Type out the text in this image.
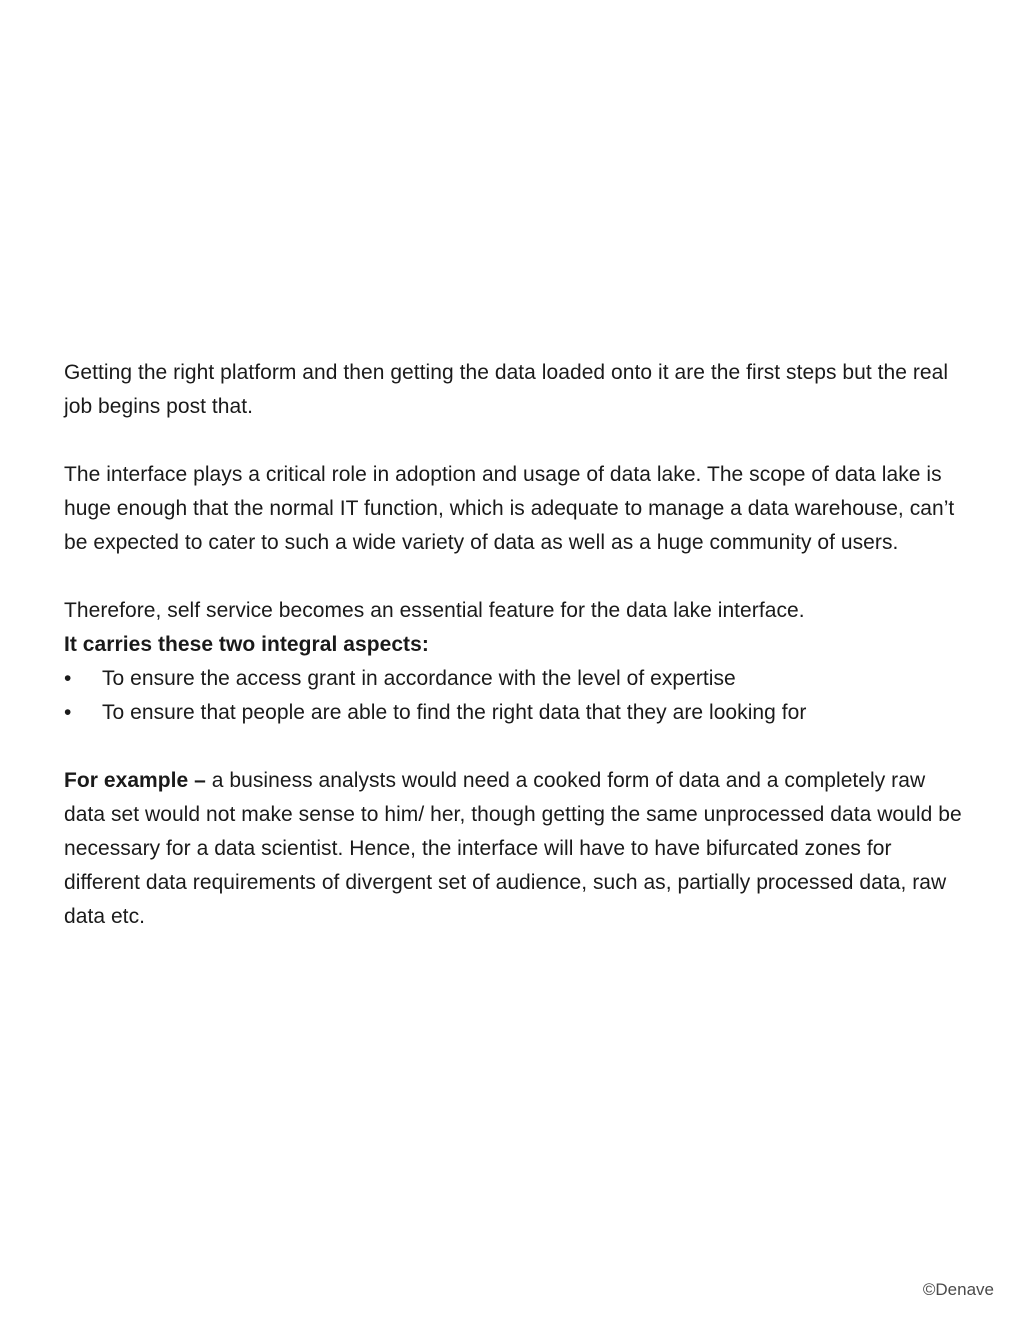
Getting the right platform and then getting the data loaded onto it are the first steps but the real job begins post that.

The interface plays a critical role in adoption and usage of data lake. The scope of data lake is huge enough that the normal IT function, which is adequate to manage a data warehouse, can’t be expected to cater to such a wide variety of data as well as a huge community of users.

Therefore, self service becomes an essential feature for the data lake interface.

It carries these two integral aspects:

• To ensure the access grant in accordance with the level of expertise
• To ensure that people are able to find the right data that they are looking for

For example – a business analysts would need a cooked form of data and a completely raw data set would not make sense to him/ her, though getting the same unprocessed data would be necessary for a data scientist. Hence, the interface will have to have bifurcated zones for different data requirements of divergent set of audience, such as, partially processed data, raw data etc.

©Denave
